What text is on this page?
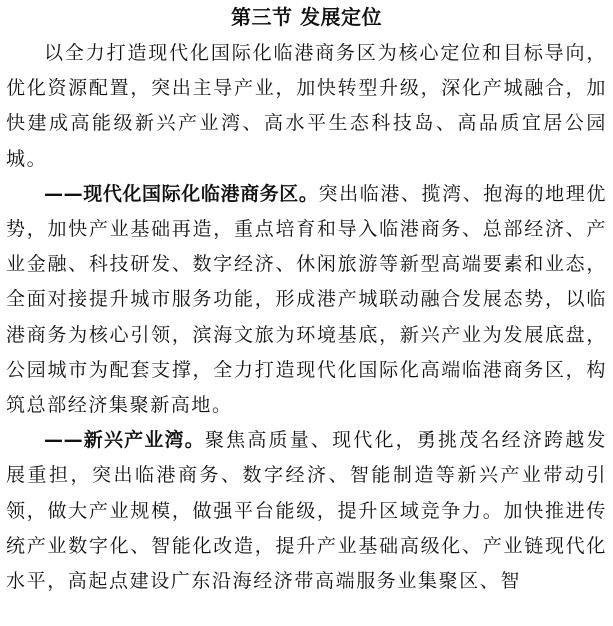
第三节 发展定位

以全力打造现代化国际化临港商务区为核心定位和目标导向，优化资源配置，突出主导产业，加快转型升级，深化产城融合，加快建成高能级新兴产业湾、高水平生态科技岛、高品质宜居公园城。

——现代化国际化临港商务区。突出临港、揽湾、抱海的地理优势，加快产业基础再造，重点培育和导入临港商务、总部经济、产业金融、科技研发、数字经济、休闲旅游等新型高端要素和业态，全面对接提升城市服务功能，形成港产城联动融合发展态势，以临港商务为核心引领，滨海文旅为环境基底，新兴产业为发展底盘，公园城市为配套支撑，全力打造现代化国际化高端临港商务区，构筑总部经济集聚新高地。

——新兴产业湾。聚焦高质量、现代化，勇挑茂名经济跨越发展重担，突出临港商务、数字经济、智能制造等新兴产业带动引领，做大产业规模，做强平台能级，提升区域竞争力。加快推进传统产业数字化、智能化改造，提升产业基础高级化、产业链现代化水平，高起点建设广东沿海经济带高端服务业集聚区、智
